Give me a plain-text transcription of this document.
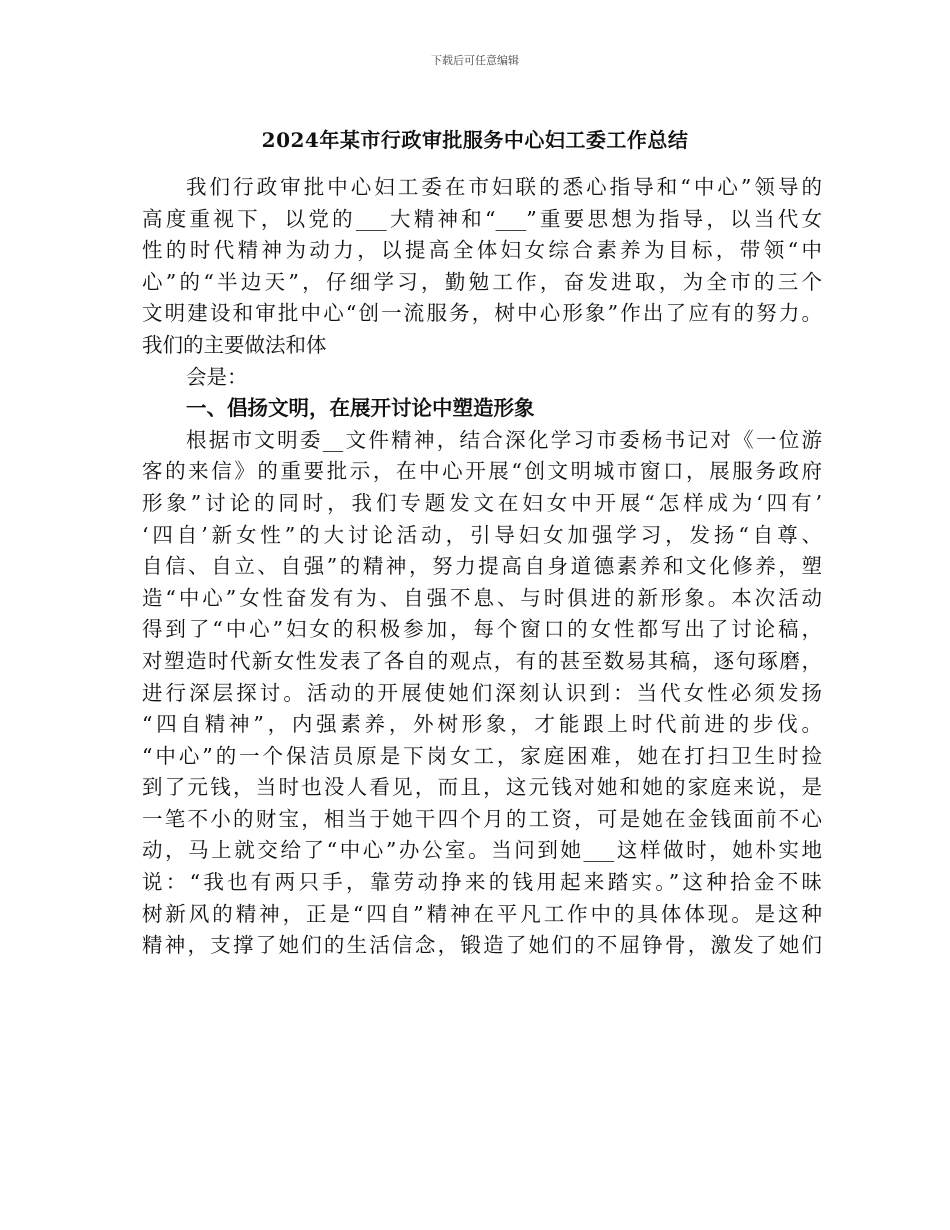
下载后可任意编辑
2024年某市行政审批服务中心妇工委工作总结
我们行政审批中心妇工委在市妇联的悉心指导和“中心”领导的
高度重视下，以党的___大精神和“___”重要思想为指导，以当代女
性的时代精神为动力，以提高全体妇女综合素养为目标，带领“中
心”的“半边天”，仔细学习，勤勉工作，奋发进取，为全市的三个
文明建设和审批中心“创一流服务，树中心形象”作出了应有的努力。
我们的主要做法和体
会是：
一、倡扬文明，在展开讨论中塑造形象
根据市文明委__文件精神，结合深化学习市委杨书记对《一位游
客的来信》的重要批示，在中心开展“创文明城市窗口，展服务政府
形象”讨论的同时，我们专题发文在妇女中开展“怎样成为‘四有’
‘四自’新女性”的大讨论活动，引导妇女加强学习，发扬“自尊、
自信、自立、自强”的精神，努力提高自身道德素养和文化修养，塑
造“中心”女性奋发有为、自强不息、与时俱进的新形象。本次活动
得到了“中心”妇女的积极参加，每个窗口的女性都写出了讨论稿，
对塑造时代新女性发表了各自的观点，有的甚至数易其稿，逐句琢磨，
进行深层探讨。活动的开展使她们深刻认识到：当代女性必须发扬
“四自精神”，内强素养，外树形象，才能跟上时代前进的步伐。
“中心”的一个保洁员原是下岗女工，家庭困难，她在打扫卫生时捡
到了元钱，当时也没人看见，而且，这元钱对她和她的家庭来说，是
一笔不小的财宝，相当于她干四个月的工资，可是她在金钱面前不心
动，马上就交给了“中心”办公室。当问到她___这样做时，她朴实地
说：“我也有两只手，靠劳动挣来的钱用起来踏实。”这种拾金不昧
树新风的精神，正是“四自”精神在平凡工作中的具体体现。是这种
精神，支撑了她们的生活信念，锻造了她们的不屈铮骨，激发了她们
